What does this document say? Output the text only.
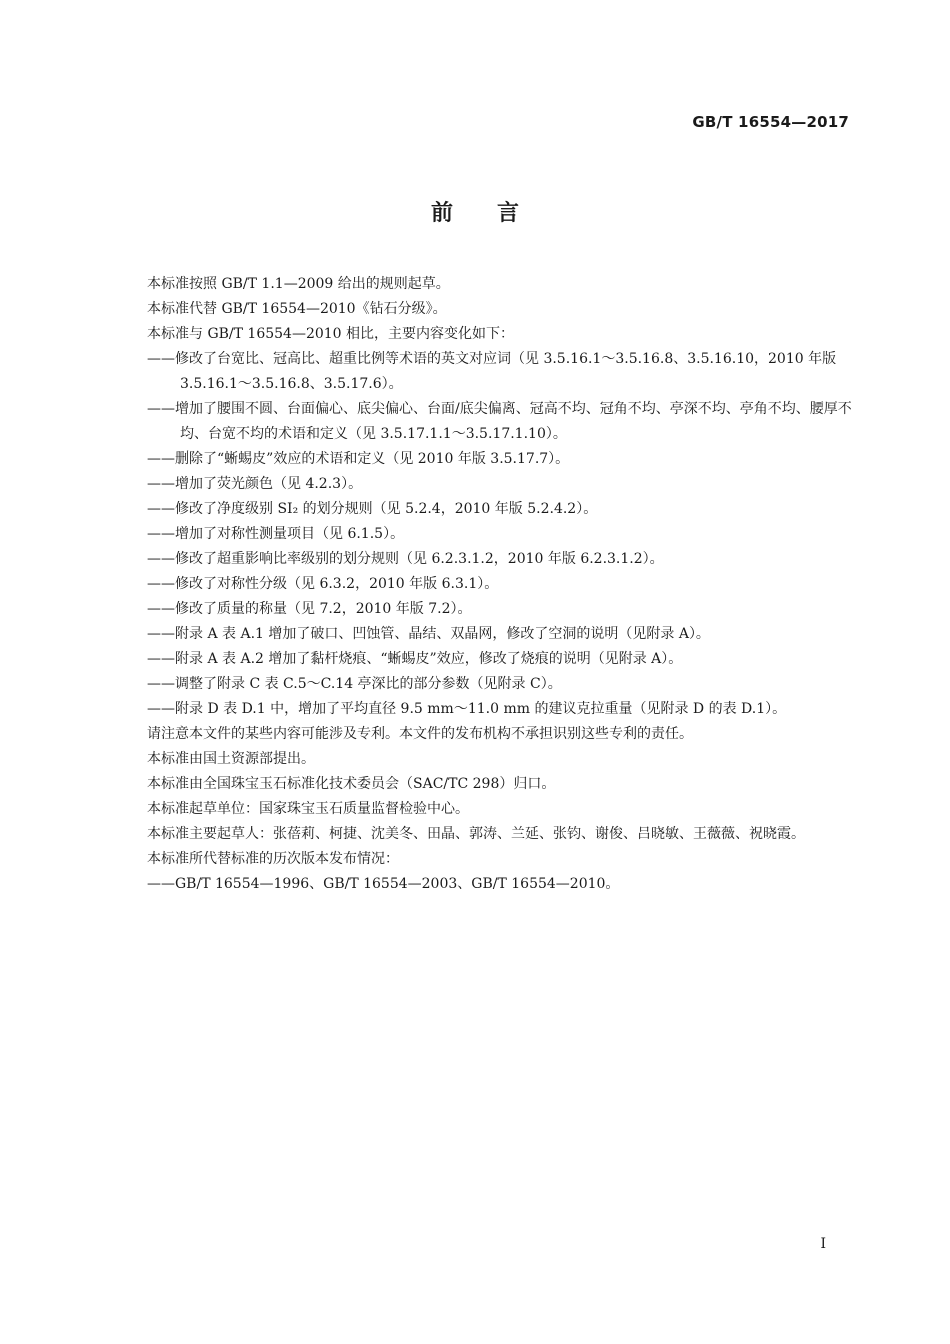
GB/T 16554—2017
前　　言

本标准按照 GB/T 1.1—2009 给出的规则起草。

本标准代替 GB/T 16554—2010《钻石分级》。

本标准与 GB/T 16554—2010 相比，主要内容变化如下：

——修改了台宽比、冠高比、超重比例等术语的英文对应词（见 3.5.16.1～3.5.16.8、3.5.16.10，2010 年版 3.5.16.1～3.5.16.8、3.5.17.6）。

——增加了腰围不圆、台面偏心、底尖偏心、台面/底尖偏离、冠高不均、冠角不均、亭深不均、亭角不均、腰厚不均、台宽不均的术语和定义（见 3.5.17.1.1～3.5.17.1.10）。

——删除了“蜥蜴皮”效应的术语和定义（见 2010 年版 3.5.17.7）。

——增加了荧光颜色（见 4.2.3）。

——修改了净度级别 SI₂ 的划分规则（见 5.2.4，2010 年版 5.2.4.2）。

——增加了对称性测量项目（见 6.1.5）。

——修改了超重影响比率级别的划分规则（见 6.2.3.1.2，2010 年版 6.2.3.1.2）。

——修改了对称性分级（见 6.3.2，2010 年版 6.3.1）。

——修改了质量的称量（见 7.2，2010 年版 7.2）。

——附录 A 表 A.1 增加了破口、凹蚀管、晶结、双晶网，修改了空洞的说明（见附录 A）。

——附录 A 表 A.2 增加了黏杆烧痕、“蜥蜴皮”效应，修改了烧痕的说明（见附录 A）。

——调整了附录 C 表 C.5～C.14 亭深比的部分参数（见附录 C）。

——附录 D 表 D.1 中，增加了平均直径 9.5 mm～11.0 mm 的建议克拉重量（见附录 D 的表 D.1）。

请注意本文件的某些内容可能涉及专利。本文件的发布机构不承担识别这些专利的责任。

本标准由国土资源部提出。

本标准由全国珠宝玉石标准化技术委员会（SAC/TC 298）归口。

本标准起草单位：国家珠宝玉石质量监督检验中心。

本标准主要起草人：张蓓莉、柯捷、沈美冬、田晶、郭涛、兰延、张钧、谢俊、吕晓敏、王薇薇、祝晓霞。

本标准所代替标准的历次版本发布情况：

——GB/T 16554—1996、GB/T 16554—2003、GB/T 16554—2010。

I
